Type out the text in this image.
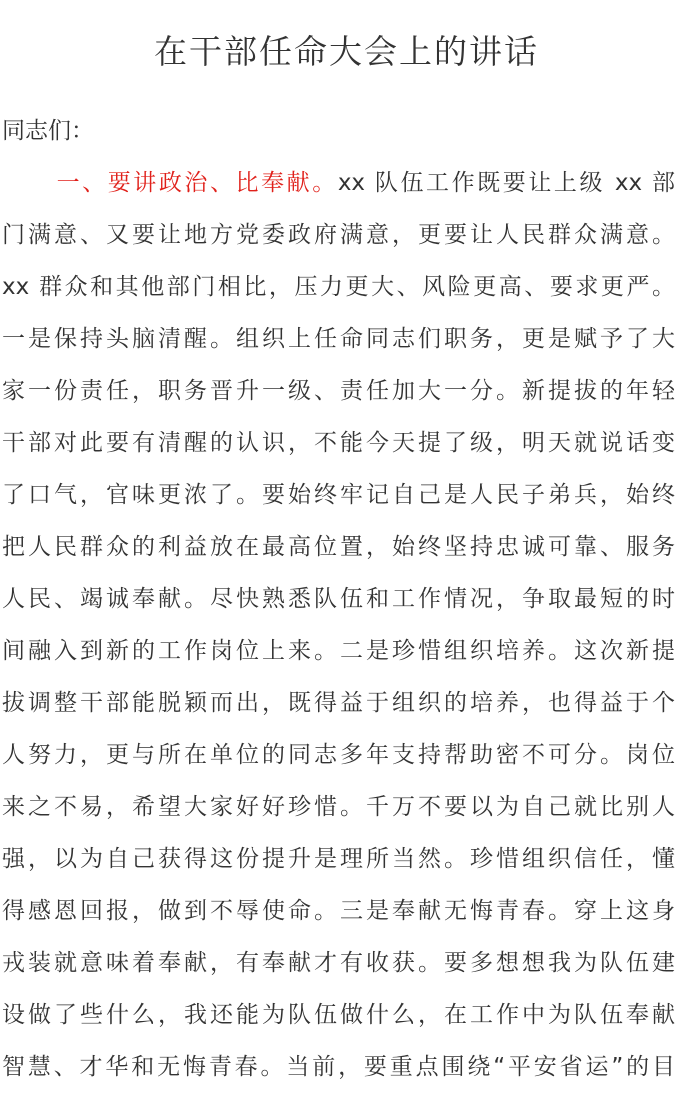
在干部任命大会上的讲话
同志们：
一、要讲政治、比奉献。xx 队伍工作既要让上级 xx 部
门满意、又要让地方党委政府满意，更要让人民群众满意。
xx 群众和其他部门相比，压力更大、风险更高、要求更严。
一是保持头脑清醒。组织上任命同志们职务，更是赋予了大
家一份责任，职务晋升一级、责任加大一分。新提拔的年轻
干部对此要有清醒的认识，不能今天提了级，明天就说话变
了口气，官味更浓了。要始终牢记自己是人民子弟兵，始终
把人民群众的利益放在最高位置，始终坚持忠诚可靠、服务
人民、竭诚奉献。尽快熟悉队伍和工作情况，争取最短的时
间融入到新的工作岗位上来。二是珍惜组织培养。这次新提
拔调整干部能脱颖而出，既得益于组织的培养，也得益于个
人努力，更与所在单位的同志多年支持帮助密不可分。岗位
来之不易，希望大家好好珍惜。千万不要以为自己就比别人
强，以为自己获得这份提升是理所当然。珍惜组织信任，懂
得感恩回报，做到不辱使命。三是奉献无悔青春。穿上这身
戎装就意味着奉献，有奉献才有收获。要多想想我为队伍建
设做了些什么，我还能为队伍做什么，在工作中为队伍奉献
智慧、才华和无悔青春。当前，要重点围绕“平安省运”的目
